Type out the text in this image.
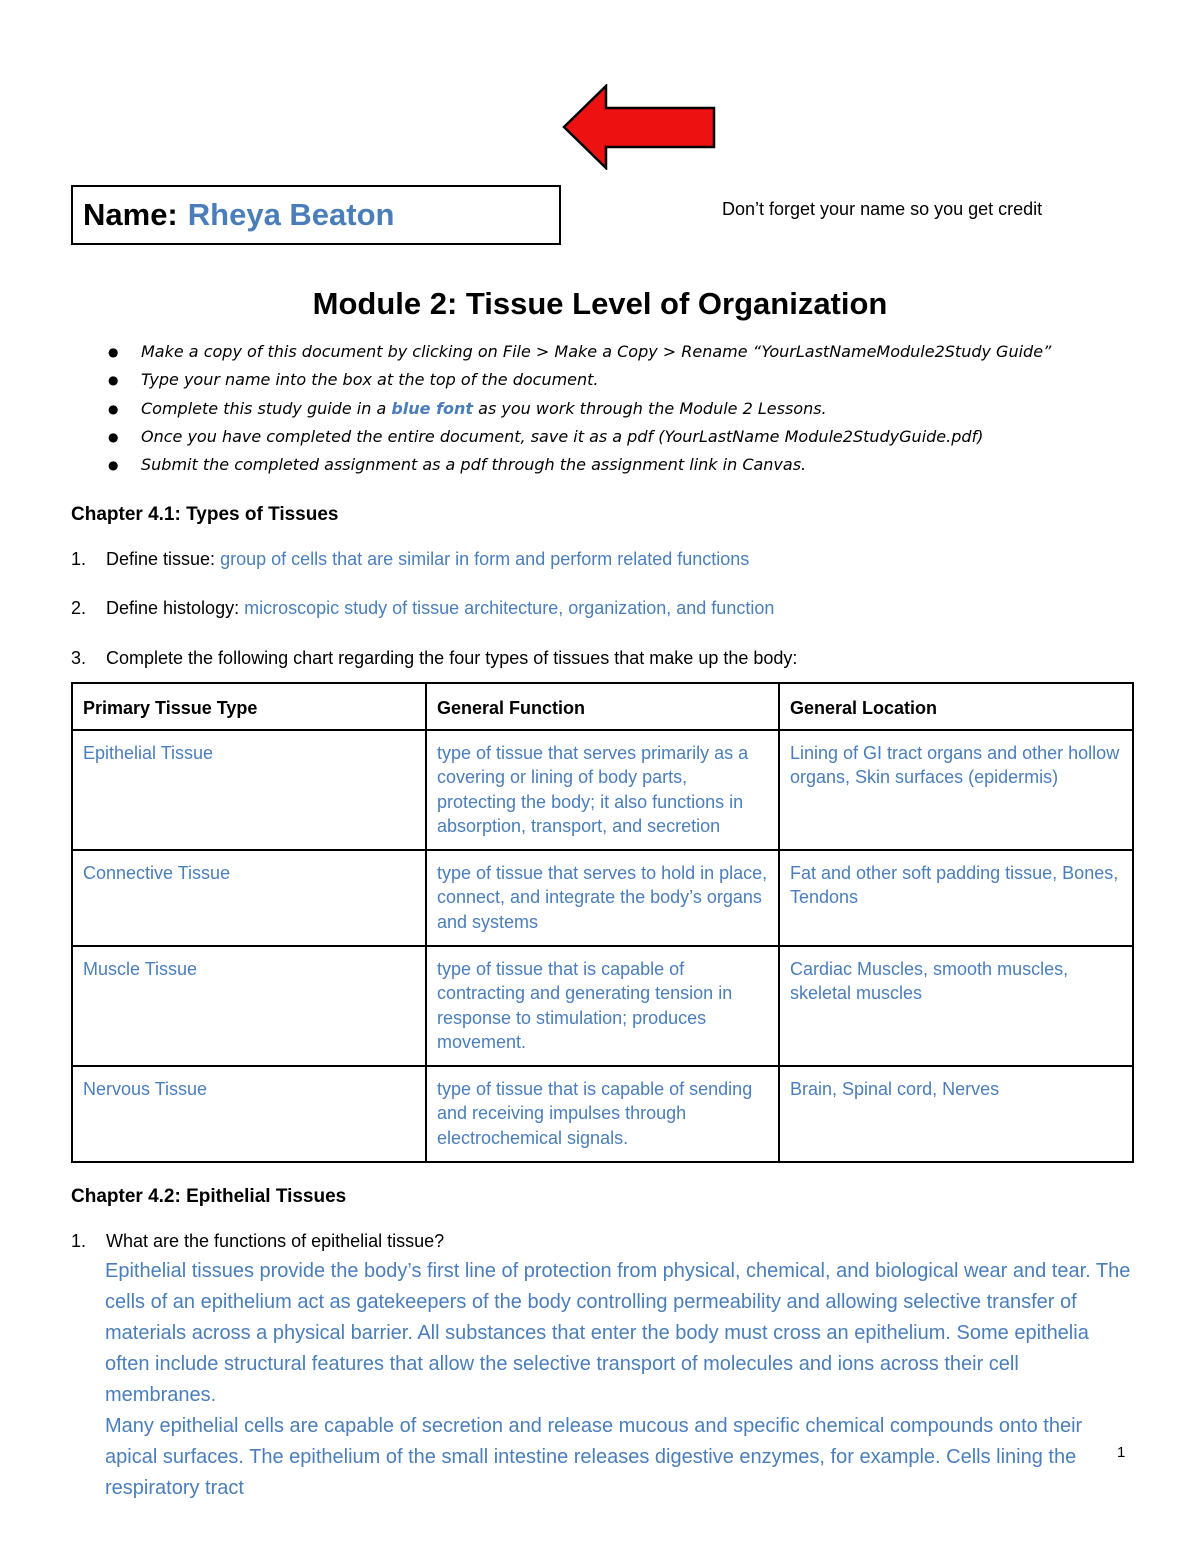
Name: Rheya Beaton	Don’t forget your name so you get credit
Module 2: Tissue Level of Organization
● Make a copy of this document by clicking on File > Make a Copy > Rename “YourLastNameModule2Study Guide”
● Type your name into the box at the top of the document.
● Complete this study guide in a blue font as you work through the Module 2 Lessons.
● Once you have completed the entire document, save it as a pdf (YourLastName Module2StudyGuide.pdf)
● Submit the completed assignment as a pdf through the assignment link in Canvas.
Chapter 4.1: Types of Tissues
1. Define tissue: group of cells that are similar in form and perform related functions
2. Define histology: microscopic study of tissue architecture, organization, and function
3. Complete the following chart regarding the four types of tissues that make up the body:
Primary Tissue Type	General Function	General Location
Epithelial Tissue	type of tissue that serves primarily as a covering or lining of body parts, protecting the body; it also functions in absorption, transport, and secretion	Lining of GI tract organs and other hollow organs, Skin surfaces (epidermis)
Connective Tissue	type of tissue that serves to hold in place, connect, and integrate the body’s organs and systems	Fat and other soft padding tissue, Bones, Tendons
Muscle Tissue	type of tissue that is capable of contracting and generating tension in response to stimulation; produces movement.	Cardiac Muscles, smooth muscles, skeletal muscles
Nervous Tissue	type of tissue that is capable of sending and receiving impulses through electrochemical signals.	Brain, Spinal cord, Nerves
Chapter 4.2: Epithelial Tissues
1. What are the functions of epithelial tissue?

Epithelial tissues provide the body’s first line of protection from physical, chemical, and biological wear and tear. The cells of an epithelium act as gatekeepers of the body controlling permeability and allowing selective transfer of materials across a physical barrier. All substances that enter the body must cross an epithelium. Some epithelia often include structural features that allow the selective transport of molecules and ions across their cell membranes.

Many epithelial cells are capable of secretion and release mucous and specific chemical compounds onto their apical surfaces. The epithelium of the small intestine releases digestive enzymes, for example. Cells lining the respiratory tract

1
